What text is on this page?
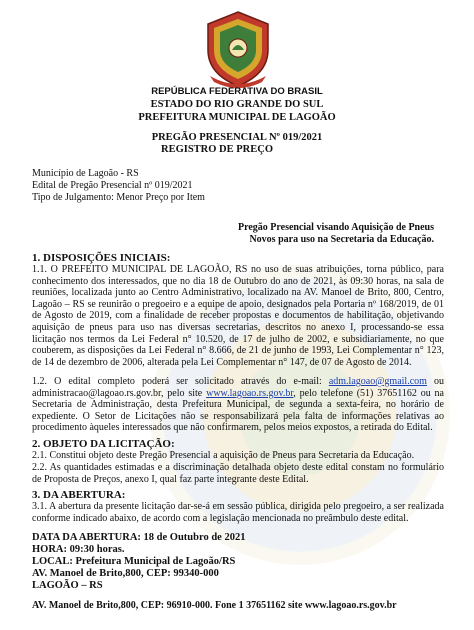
REPÚBLICA FEDERATIVA DO BRASIL
ESTADO DO RIO GRANDE DO SUL
PREFEITURA MUNICIPAL DE LAGOÃO
PREGÃO PRESENCIAL Nº 019/2021
REGISTRO DE PREÇO
Município de Lagoão - RS
Edital de Pregão Presencial nº 019/2021
Tipo de Julgamento: Menor Preço por Item
Pregão Presencial visando Aquisição de Pneus
Novos para uso na Secretaria da Educação.
1. DISPOSIÇÕES INICIAIS:
1.1. O PREFEITO MUNICIPAL DE LAGOÃO, RS no uso de suas atribuições, torna público, para conhecimento dos interessados, que no dia 18 de Outubro do ano de 2021, às 09:30 horas, na sala de reuniões, localizada junto ao Centro Administrativo, localizado na AV. Manoel de Brito, 800, Centro, Lagoão – RS se reunirão o pregoeiro e a equipe de apoio, designados pela Portaria nº 168/2019, de 01 de Agosto de 2019, com a finalidade de receber propostas e documentos de habilitação, objetivando aquisição de pneus para uso nas diversas secretarias, descritos no anexo I, processando-se essa licitação nos termos da Lei Federal n° 10.520, de 17 de julho de 2002, e subsidiariamente, no que couberem, as disposições da Lei Federal n° 8.666, de 21 de junho de 1993, Lei Complementar n° 123, de 14 de dezembro de 2006, alterada pela Lei Complementar n° 147, de 07 de Agosto de 2014.
1.2. O edital completo poderá ser solicitado através do e-mail: adm.lagoao@gmail.com ou administracao@lagoao.rs.gov.br, pelo site www.lagoao.rs.gov.br, pelo telefone (51) 37651162 ou na Secretaria de Administração, desta Prefeitura Municipal, de segunda a sexta-feira, no horário de expediente. O Setor de Licitações não se responsabilizará pela falta de informações relativas ao procedimento àqueles interessados que não confirmarem, pelos meios expostos, a retirada do Edital.
2. OBJETO DA LICITAÇÃO:
2.1. Constitui objeto deste Pregão Presencial a aquisição de Pneus para Secretaria da Educação.
2.2. As quantidades estimadas e a discriminação detalhada objeto deste edital constam no formulário de Proposta de Preços, anexo I, qual faz parte integrante deste Edital.
3. DA ABERTURA:
3.1. A abertura da presente licitação dar-se-á em sessão pública, dirigida pelo pregoeiro, a ser realizada conforme indicado abaixo, de acordo com a legislação mencionada no preâmbulo deste edital.
DATA DA ABERTURA: 18 de Outubro de 2021
HORA: 09:30 horas.
LOCAL: Prefeitura Municipal de Lagoão/RS
AV. Manoel de Brito,800, CEP: 99340-000
LAGOÃO – RS
AV. Manoel de Brito,800, CEP: 96910-000. Fone 1 37651162 site www.lagoao.rs.gov.br
